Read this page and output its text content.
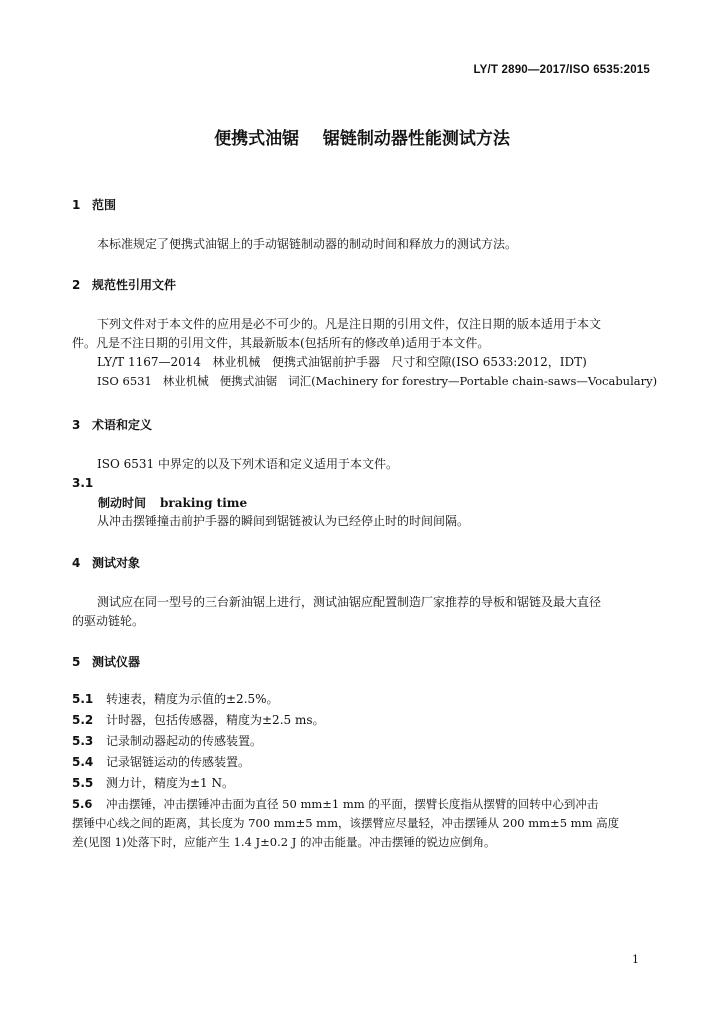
LY/T 2890—2017/ISO 6535:2015
便携式油锯    锯链制动器性能测试方法
1 范围
本标准规定了便携式油锯上的手动锯链制动器的制动时间和释放力的测试方法。
2 规范性引用文件
下列文件对于本文件的应用是必不可少的。凡是注日期的引用文件，仅注日期的版本适用于本文
件。凡是不注日期的引用文件，其最新版本(包括所有的修改单)适用于本文件。
LY/T 1167—2014   林业机械   便携式油锯前护手器   尺寸和空隙(ISO 6533:2012，IDT)
ISO 6531   林业机械   便携式油锯   词汇(Machinery for forestry—Portable chain-saws—Vocabulary)
3 术语和定义
ISO 6531 中界定的以及下列术语和定义适用于本文件。
3.1
制动时间 braking time
从冲击摆锤撞击前护手器的瞬间到锯链被认为已经停止时的时间间隔。
4 测试对象
测试应在同一型号的三台新油锯上进行，测试油锯应配置制造厂家推荐的导板和锯链及最大直径
的驱动链轮。
5 测试仪器
5.1 转速表，精度为示值的±2.5%。
5.2 计时器，包括传感器，精度为±2.5 ms。
5.3 记录制动器起动的传感装置。
5.4 记录锯链运动的传感装置。
5.5 测力计，精度为±1 N。
5.6 冲击摆锤，冲击摆锤冲击面为直径 50 mm±1 mm 的平面，摆臂长度指从摆臂的回转中心到冲击
摆锤中心线之间的距离，其长度为 700 mm±5 mm，该摆臂应尽量轻，冲击摆锤从 200 mm±5 mm 高度
差(见图 1)处落下时，应能产生 1.4 J±0.2 J 的冲击能量。冲击摆锤的锐边应倒角。
1
